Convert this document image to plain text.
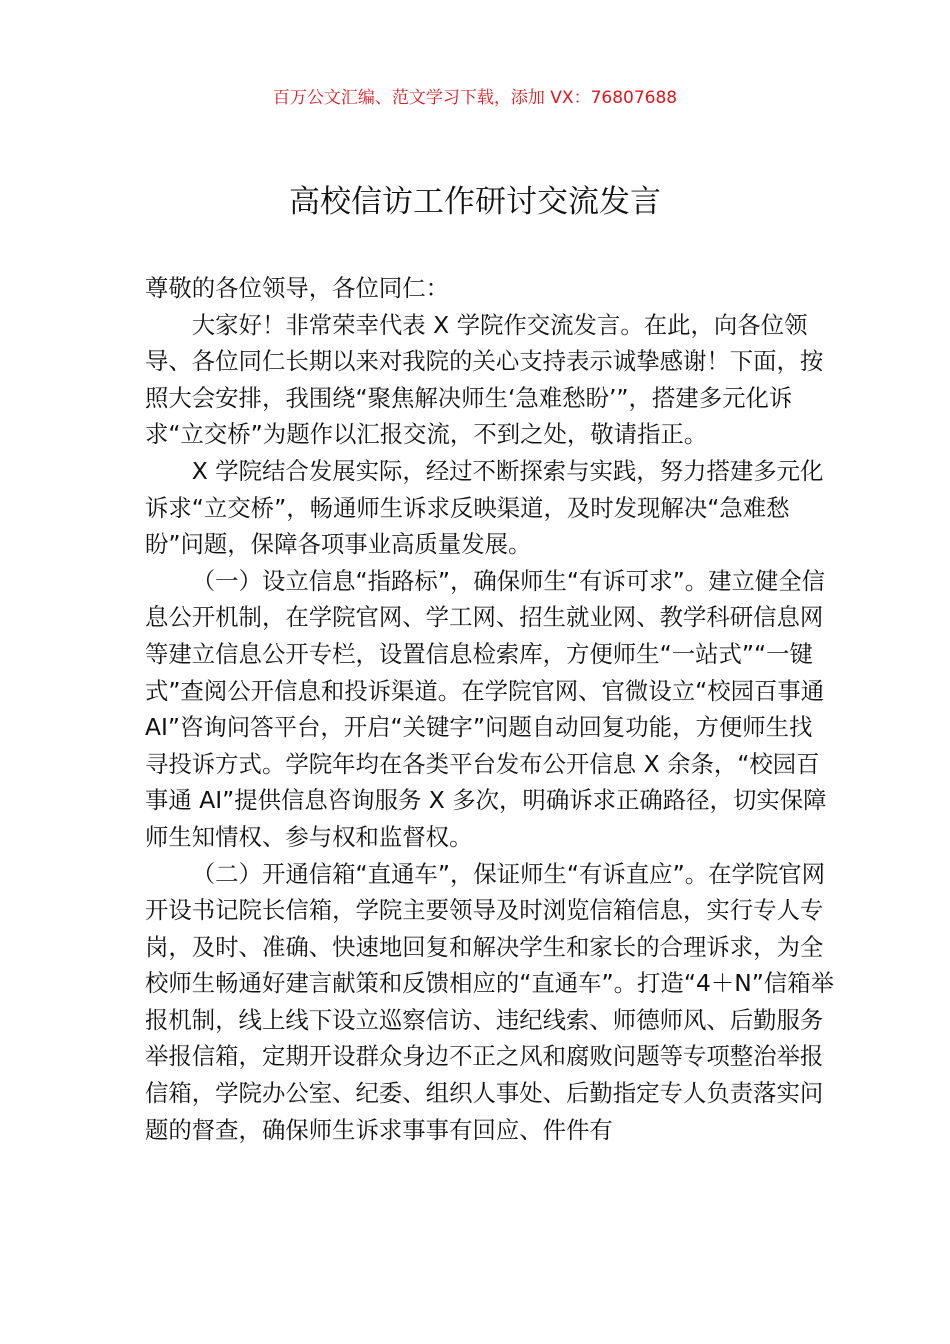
百万公文汇编、范文学习下载，添加 VX：76807688
高校信访工作研讨交流发言

尊敬的各位领导，各位同仁：

大家好！非常荣幸代表 X 学院作交流发言。在此，向各位领导、各位同仁长期以来对我院的关心支持表示诚挚感谢！下面，按照大会安排，我围绕“聚焦解决师生‘急难愁盼’”，搭建多元化诉求“立交桥”为题作以汇报交流，不到之处，敬请指正。

X 学院结合发展实际，经过不断探索与实践，努力搭建多元化诉求“立交桥”，畅通师生诉求反映渠道，及时发现解决“急难愁盼”问题，保障各项事业高质量发展。

（一）设立信息“指路标”，确保师生“有诉可求”。建立健全信息公开机制，在学院官网、学工网、招生就业网、教学科研信息网等建立信息公开专栏，设置信息检索库，方便师生“一站式”“一键式”查阅公开信息和投诉渠道。在学院官网、官微设立“校园百事通 AI”咨询问答平台，开启“关键字”问题自动回复功能，方便师生找寻投诉方式。学院年均在各类平台发布公开信息 X 余条，“校园百事通 AI”提供信息咨询服务 X 多次，明确诉求正确路径，切实保障师生知情权、参与权和监督权。

（二）开通信箱“直通车”，保证师生“有诉直应”。在学院官网开设书记院长信箱，学院主要领导及时浏览信箱信息，实行专人专岗，及时、准确、快速地回复和解决学生和家长的合理诉求，为全校师生畅通好建言献策和反馈相应的“直通车”。打造“4＋N”信箱举报机制，线上线下设立巡察信访、违纪线索、师德师风、后勤服务举报信箱，定期开设群众身边不正之风和腐败问题等专项整治举报信箱，学院办公室、纪委、组织人事处、后勤指定专人负责落实问题的督查，确保师生诉求事事有回应、件件有
